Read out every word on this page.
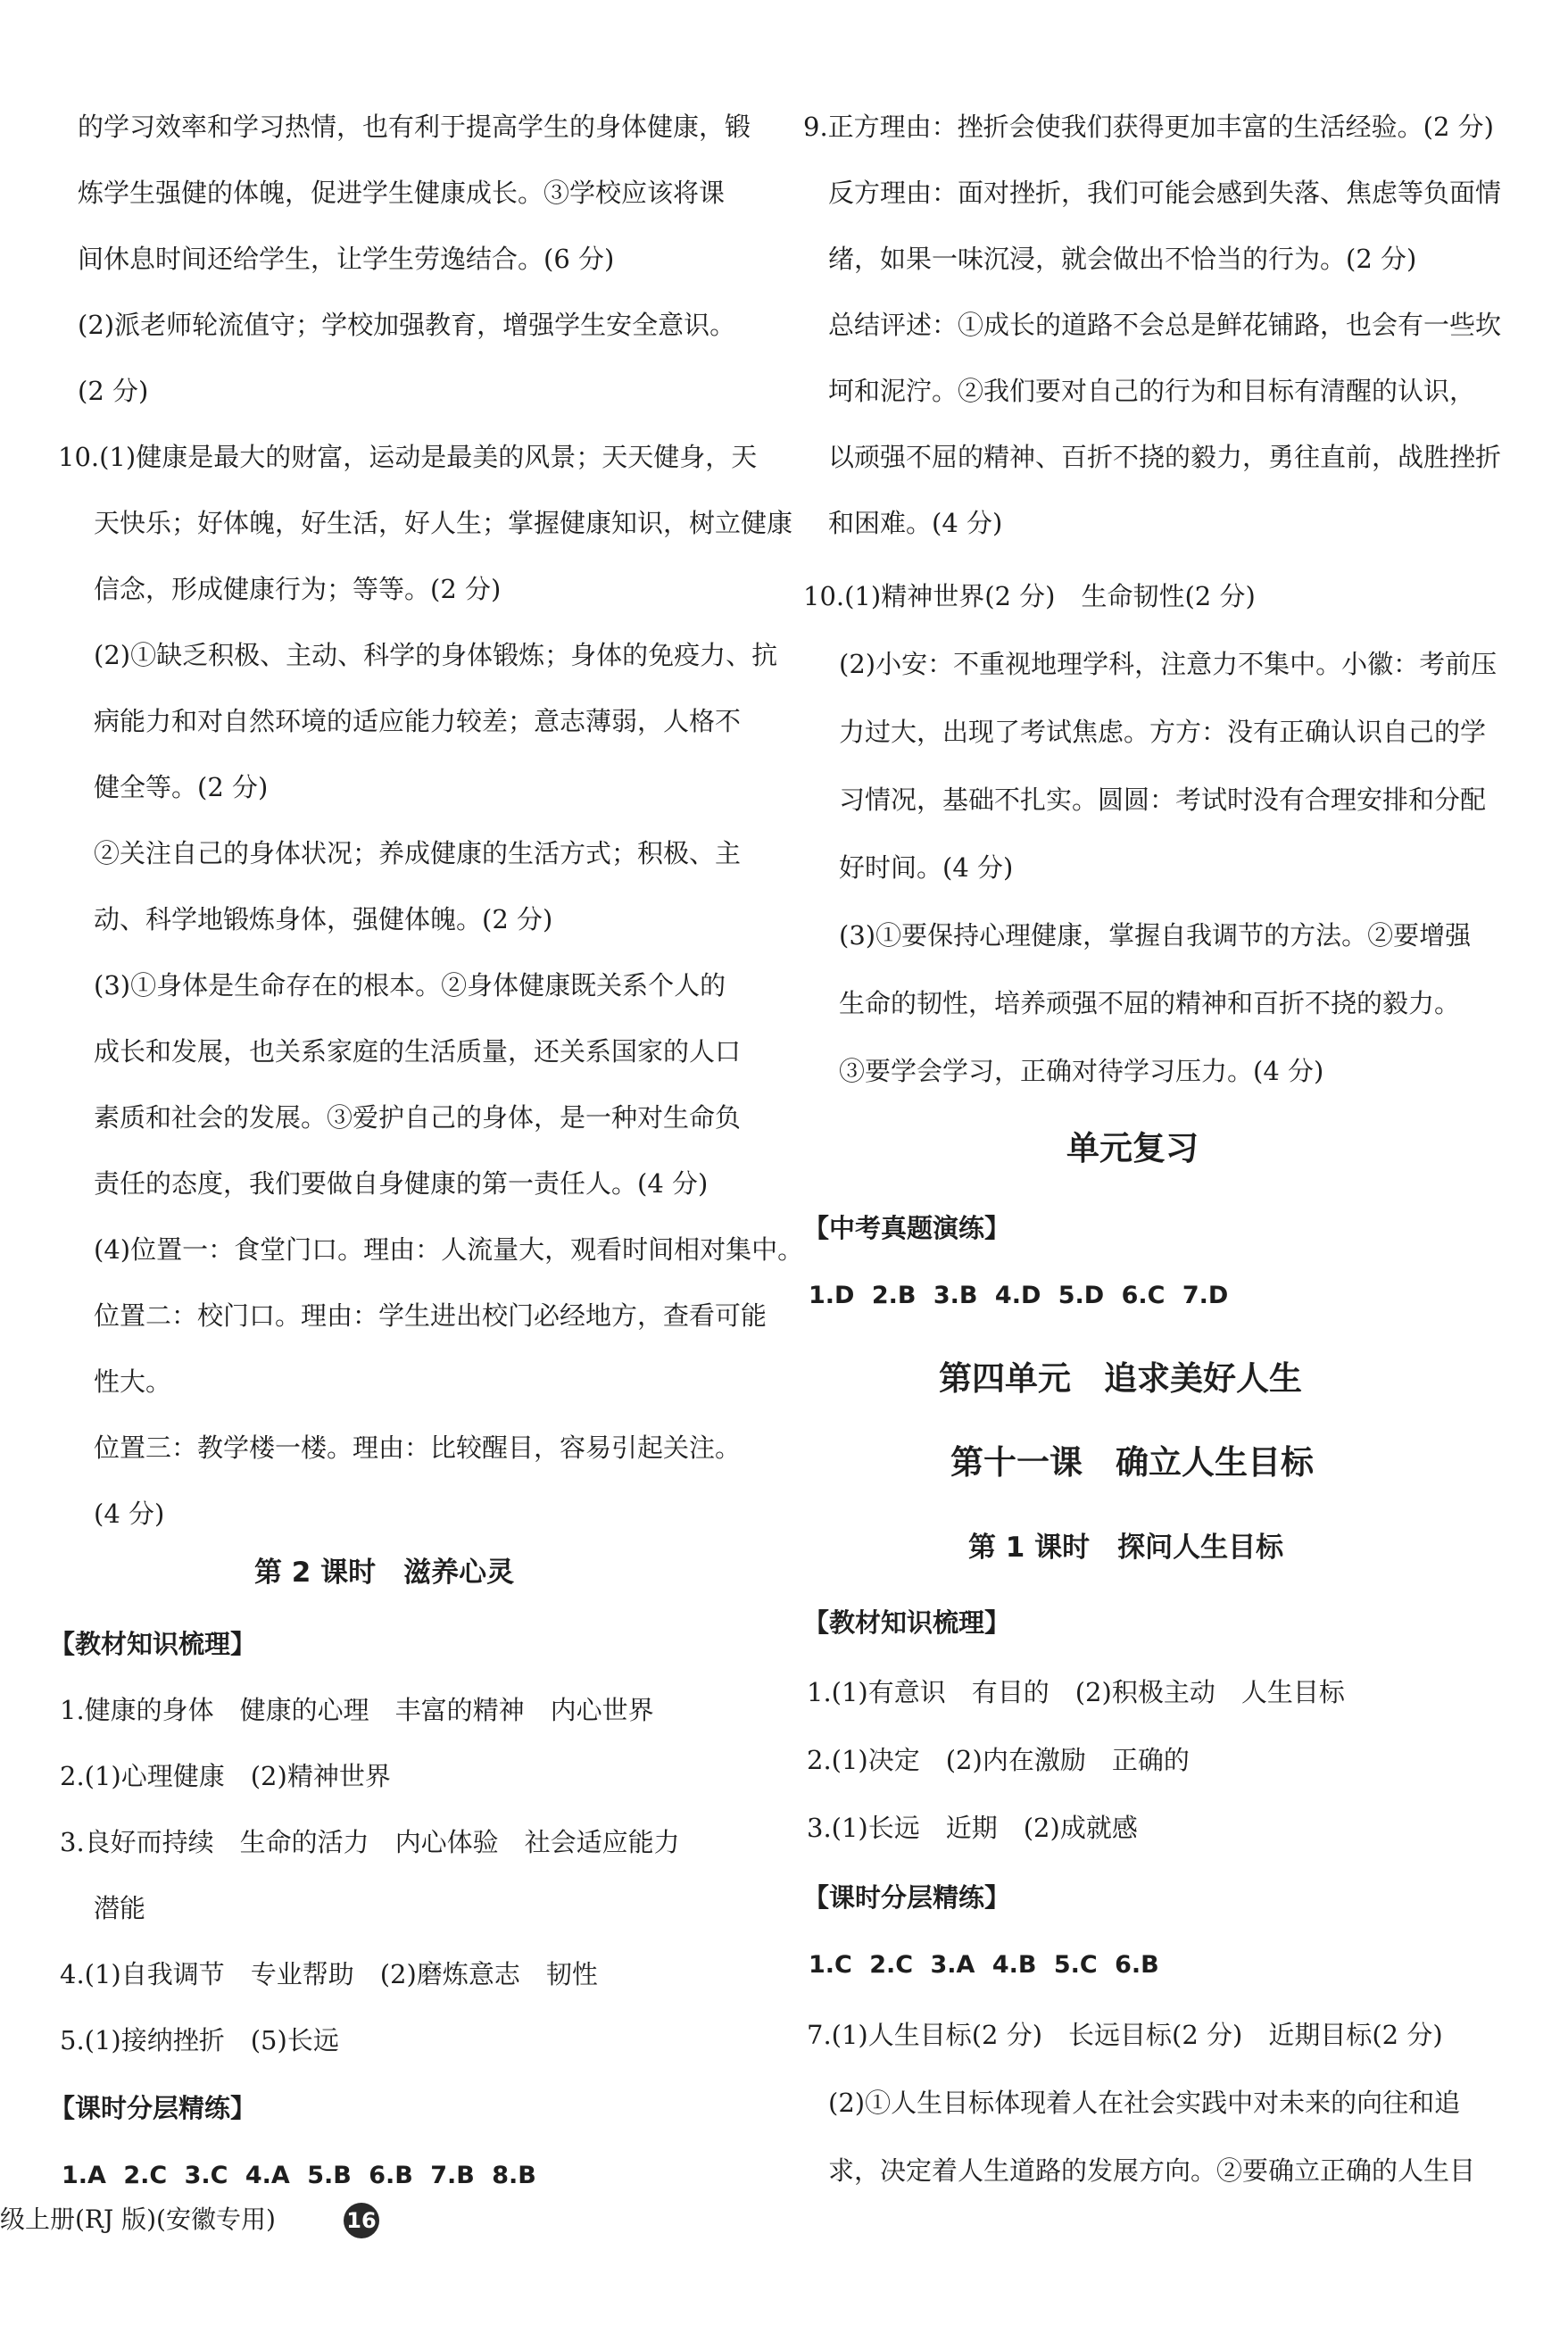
的学习效率和学习热情，也有利于提高学生的身体健康，锻
炼学生强健的体魄，促进学生健康成长。③学校应该将课
间休息时间还给学生，让学生劳逸结合。(6 分)
(2)派老师轮流值守；学校加强教育，增强学生安全意识。
(2 分)
10.(1)健康是最大的财富，运动是最美的风景；天天健身，天
天快乐；好体魄，好生活，好人生；掌握健康知识，树立健康
信念，形成健康行为；等等。(2 分)
(2)①缺乏积极、主动、科学的身体锻炼；身体的免疫力、抗
病能力和对自然环境的适应能力较差；意志薄弱，人格不
健全等。(2 分)
②关注自己的身体状况；养成健康的生活方式；积极、主
动、科学地锻炼身体，强健体魄。(2 分)
(3)①身体是生命存在的根本。②身体健康既关系个人的
成长和发展，也关系家庭的生活质量，还关系国家的人口
素质和社会的发展。③爱护自己的身体，是一种对生命负
责任的态度，我们要做自身健康的第一责任人。(4 分)
(4)位置一：食堂门口。理由：人流量大，观看时间相对集中。
位置二：校门口。理由：学生进出校门必经地方，查看可能
性大。
位置三：教学楼一楼。理由：比较醒目，容易引起关注。
(4 分)
第 2 课时　滋养心灵
【教材知识梳理】
1.健康的身体　健康的心理　丰富的精神　内心世界
2.(1)心理健康　(2)精神世界
3.良好而持续　生命的活力　内心体验　社会适应能力
潜能
4.(1)自我调节　专业帮助　(2)磨炼意志　韧性
5.(1)接纳挫折　(5)长远
【课时分层精练】
1.A 2.C 3.C 4.A 5.B 6.B 7.B 8.B
9.正方理由：挫折会使我们获得更加丰富的生活经验。(2 分)
反方理由：面对挫折，我们可能会感到失落、焦虑等负面情
绪，如果一味沉浸，就会做出不恰当的行为。(2 分)
总结评述：①成长的道路不会总是鲜花铺路，也会有一些坎
坷和泥泞。②我们要对自己的行为和目标有清醒的认识，
以顽强不屈的精神、百折不挠的毅力，勇往直前，战胜挫折
和困难。(4 分)
10.(1)精神世界(2 分)　生命韧性(2 分)
(2)小安：不重视地理学科，注意力不集中。小徽：考前压
力过大，出现了考试焦虑。方方：没有正确认识自己的学
习情况，基础不扎实。圆圆：考试时没有合理安排和分配
好时间。(4 分)
(3)①要保持心理健康，掌握自我调节的方法。②要增强
生命的韧性，培养顽强不屈的精神和百折不挠的毅力。
③要学会学习，正确对待学习压力。(4 分)
单元复习
【中考真题演练】
1.D 2.B 3.B 4.D 5.D 6.C 7.D
第四单元　追求美好人生
第十一课　确立人生目标
第 1 课时　探问人生目标
【教材知识梳理】
1.(1)有意识　有目的　(2)积极主动　人生目标
2.(1)决定　(2)内在激励　正确的
3.(1)长远　近期　(2)成就感
【课时分层精练】
1.C 2.C 3.A 4.B 5.C 6.B
7.(1)人生目标(2 分)　长远目标(2 分)　近期目标(2 分)
(2)①人生目标体现着人在社会实践中对未来的向往和追
求，决定着人生道路的发展方向。②要确立正确的人生目
级上册(RJ 版)(安徽专用)	16
